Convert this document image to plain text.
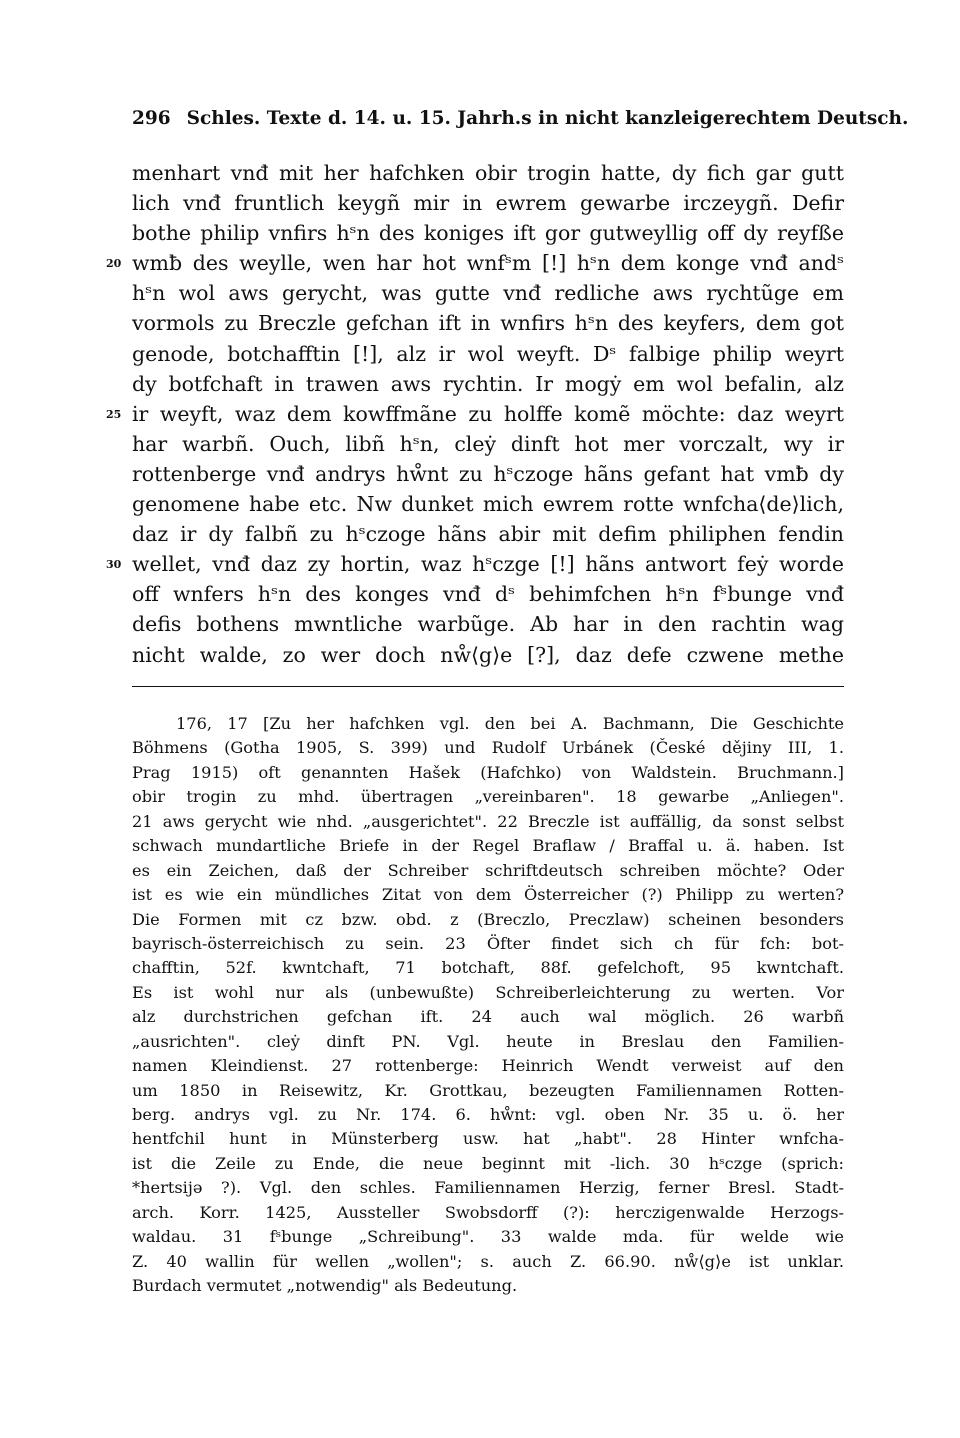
296 Schles. Texte d. 14. u. 15. Jahrh.s in nicht kanzleigerechtem Deutsch.
menhart vnđ mit her hafchken obir trogin hatte, dy fich gar gutt
lich vnđ fruntlich keygñ mir in ewrem gewarbe irczeygñ. Defir
bothe philip vnfirs hˢn des koniges ift gor gutweyllig off dy reyfße
20 wmƀ des weylle, wen har hot wnfˢm [!] hˢn dem konge vnđ andˢ
hˢn wol aws gerycht, was gutte vnđ redliche aws rychtũge em
vormols zu Breczle gefchan ift in wnfirs hˢn des keyfers, dem got
genode, botchafftin [!], alz ir wol weyft. Dˢ falbige philip weyrt
dy botfchaft in trawen aws rychtin. Ir mogẏ em wol befalin, alz
25 ir weyft, waz dem kowffmãne zu holffe komẽ möchte: daz weyrt
har warbñ. Ouch, libñ hˢn, cleẏ dinft hot mer vorczalt, wy ir
rottenberge vnđ andrys hẘnt zu hˢczoge hãns gefant hat vmƀ dy
genomene habe etc. Nw dunket mich ewrem rotte wnfcha⟨de⟩lich,
daz ir dy falbñ zu hˢczoge hãns abir mit defim philiphen fendin
30 wellet, vnđ daz zy hortin, waz hˢczge [!] hãns antwort feẏ worde
off wnfers hˢn des konges vnđ dˢ behimfchen hˢn fˢbunge vnđ
defis bothens mwntliche warbũge. Ab har in den rachtin wag
nicht walde, zo wer doch nẘ⟨g⟩e [?], daz defe czwene methe
176, 17 [Zu her hafchken vgl. den bei A. Bachmann, Die Geschichte
Böhmens (Gotha 1905, S. 399) und Rudolf Urbánek (České dějiny III, 1.
Prag 1915) oft genannten Hašek (Hafchko) von Waldstein. Bruchmann.]
obir trogin zu mhd. übertragen „vereinbaren". 18 gewarbe „Anliegen".
21 aws gerycht wie nhd. „ausgerichtet". 22 Breczle ist auffällig, da sonst selbst
schwach mundartliche Briefe in der Regel Braflaw / Braffal u. ä. haben. Ist
es ein Zeichen, daß der Schreiber schriftdeutsch schreiben möchte? Oder
ist es wie ein mündliches Zitat von dem Österreicher (?) Philipp zu werten?
Die Formen mit cz bzw. obd. z (Breczlo, Preczlaw) scheinen besonders
bayrisch-österreichisch zu sein. 23 Öfter findet sich ch für fch: bot-
chafftin, 52f. kwntchaft, 71 botchaft, 88f. gefelchoft, 95 kwntchaft.
Es ist wohl nur als (unbewußte) Schreiberleichterung zu werten. Vor
alz durchstrichen gefchan ift. 24 auch wal möglich. 26 warbñ
„ausrichten". cleẏ dinft PN. Vgl. heute in Breslau den Familien-
namen Kleindienst. 27 rottenberge: Heinrich Wendt verweist auf den
um 1850 in Reisewitz, Kr. Grottkau, bezeugten Familiennamen Rotten-
berg. andrys vgl. zu Nr. 174. 6. hẘnt: vgl. oben Nr. 35 u. ö. her
hentfchil hunt in Münsterberg usw. hat „habt". 28 Hinter wnfcha-
ist die Zeile zu Ende, die neue beginnt mit -lich. 30 hˢczge (sprich:
*hertsijə ?). Vgl. den schles. Familiennamen Herzig, ferner Bresl. Stadt-
arch. Korr. 1425, Aussteller Swobsdorff (?): herczigenwalde Herzogs-
waldau. 31 fˢbunge „Schreibung". 33 walde mda. für welde wie
Z. 40 wallin für wellen „wollen"; s. auch Z. 66.90. nẘ⟨g⟩e ist unklar.
Burdach vermutet „notwendig" als Bedeutung.
